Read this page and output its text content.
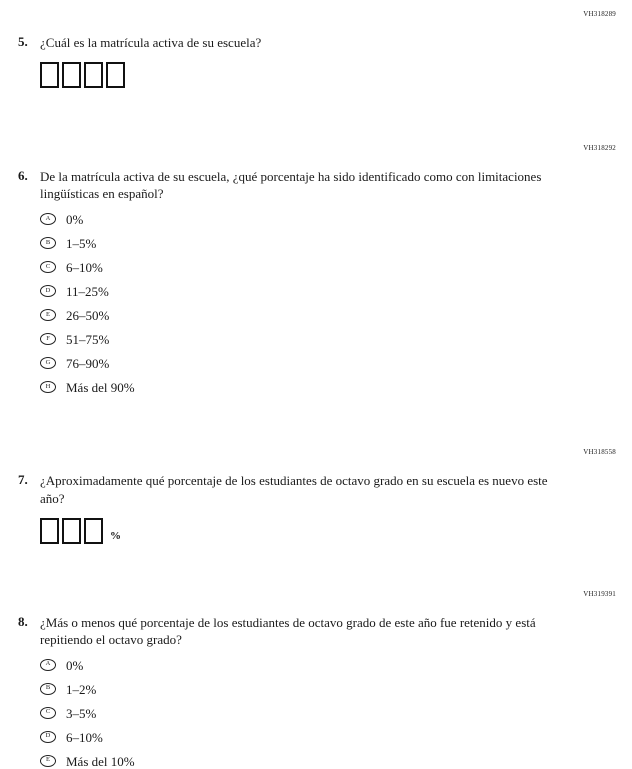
VH318289
5. ¿Cuál es la matrícula activa de su escuela?
VH318292
6. De la matrícula activa de su escuela, ¿qué porcentaje ha sido identificado como con limitaciones lingüísticas en español?
A	0%
B	1–5%
C	6–10%
D	11–25%
E	26–50%
F	51–75%
G	76–90%
H	Más del 90%
VH318558
7. ¿Aproximadamente qué porcentaje de los estudiantes de octavo grado en su escuela es nuevo este año?
%
VH319391
8. ¿Más o menos qué porcentaje de los estudiantes de octavo grado de este año fue retenido y está repitiendo el octavo grado?
A	0%
B	1–2%
C	3–5%
D	6–10%
E	Más del 10%
